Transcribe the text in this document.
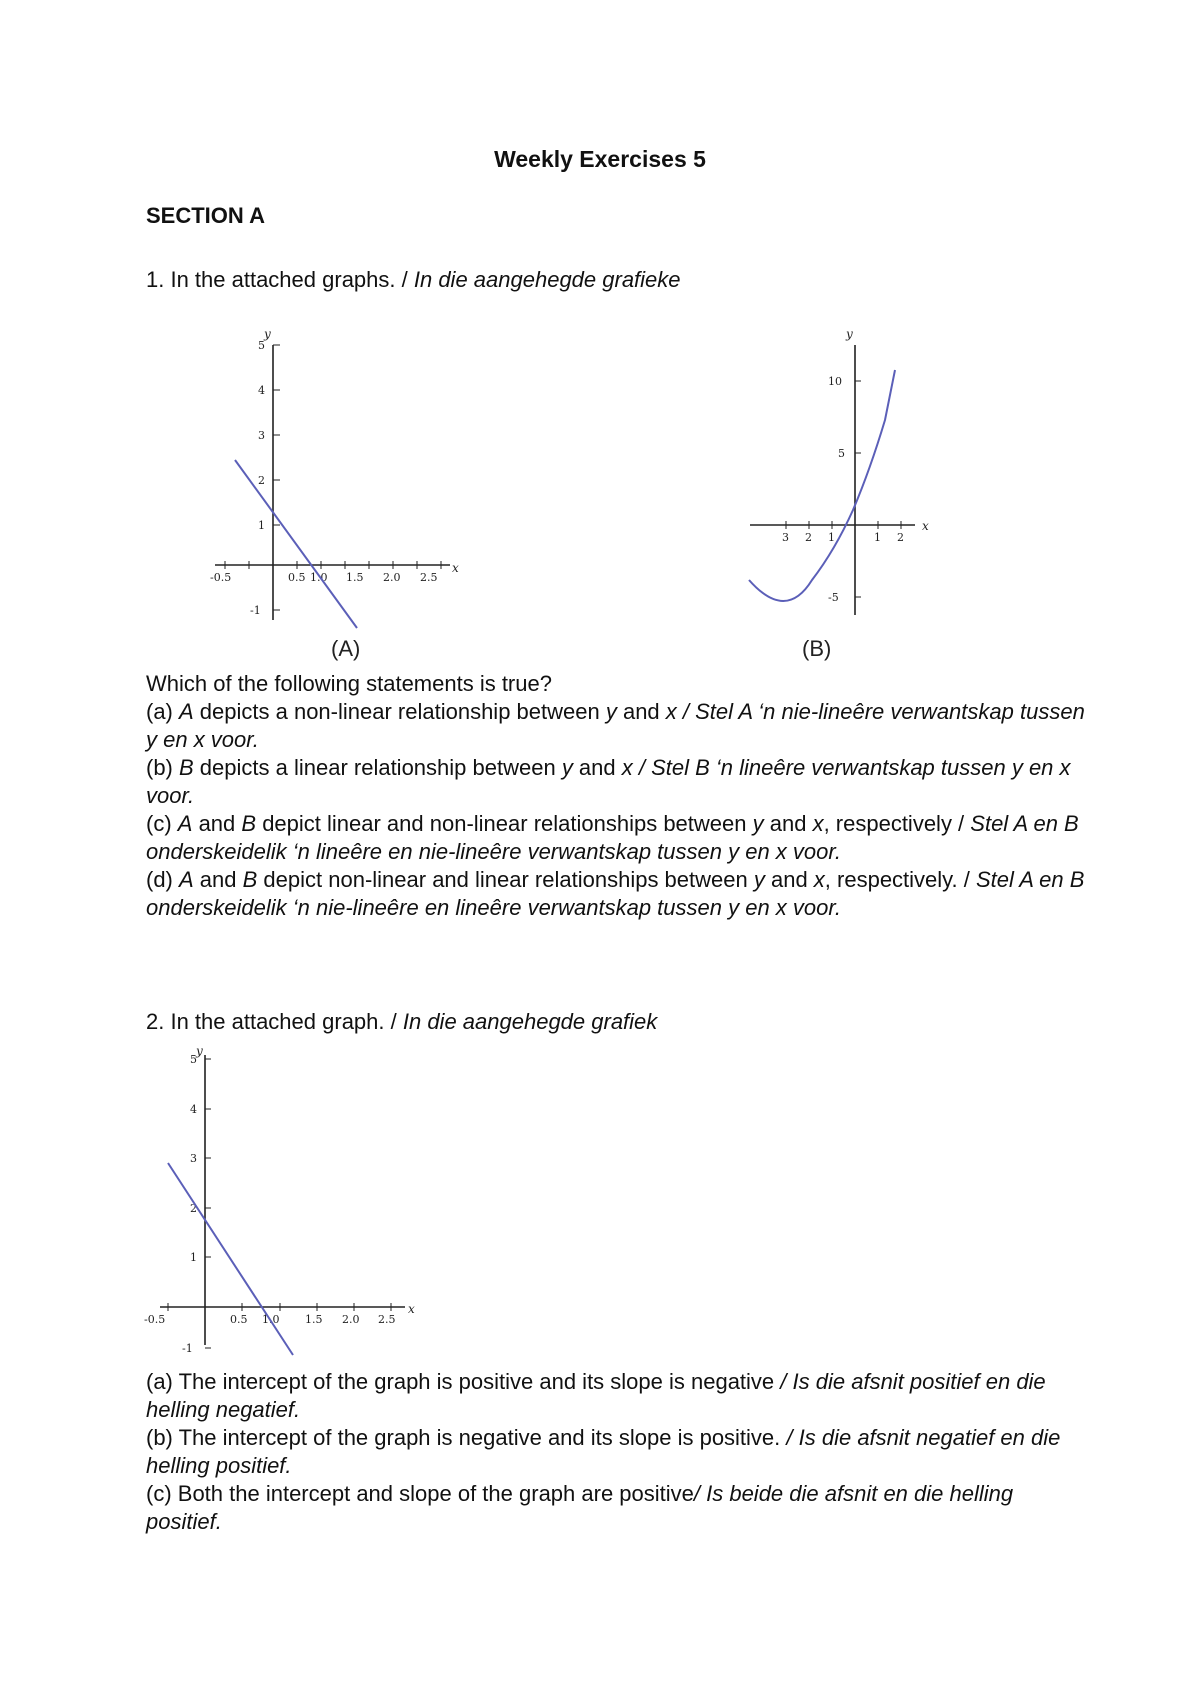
Weekly Exercises 5
SECTION A
1. In the attached graphs. / In die aangehegde grafieke
y
x
5
4
3
2
1
-1
-0.5	0.5 1.0 1.5 2.0 2.5
(A)
y
x
10
5
-5
3 2 1	1 2
(B)

Which of the following statements is true?

(a) A depicts a non-linear relationship between y and x / Stel A ‘n nie-lineêre verwantskap tussen y en x voor.

(b) B depicts a linear relationship between y and x / Stel B ‘n lineêre verwantskap tussen y en x voor.

(c) A and B depict linear and non-linear relationships between y and x, respectively / Stel A en B onderskeidelik ‘n lineêre en nie-lineêre verwantskap tussen y en x voor.

(d) A and B depict non-linear and linear relationships between y and x, respectively. / Stel A en B onderskeidelik ‘n nie-lineêre en lineêre verwantskap tussen y en x voor.

2. In the attached graph. / In die aangehegde grafiek
y
x
5
4
3
2
1
-1
-0.5	0.5 1.0 1.5 2.0 2.5

(a) The intercept of the graph is positive and its slope is negative / Is die afsnit positief en die helling negatief.

(b) The intercept of the graph is negative and its slope is positive. / Is die afsnit negatief en die helling positief.

(c) Both the intercept and slope of the graph are positive/ Is beide die afsnit en die helling positief.
